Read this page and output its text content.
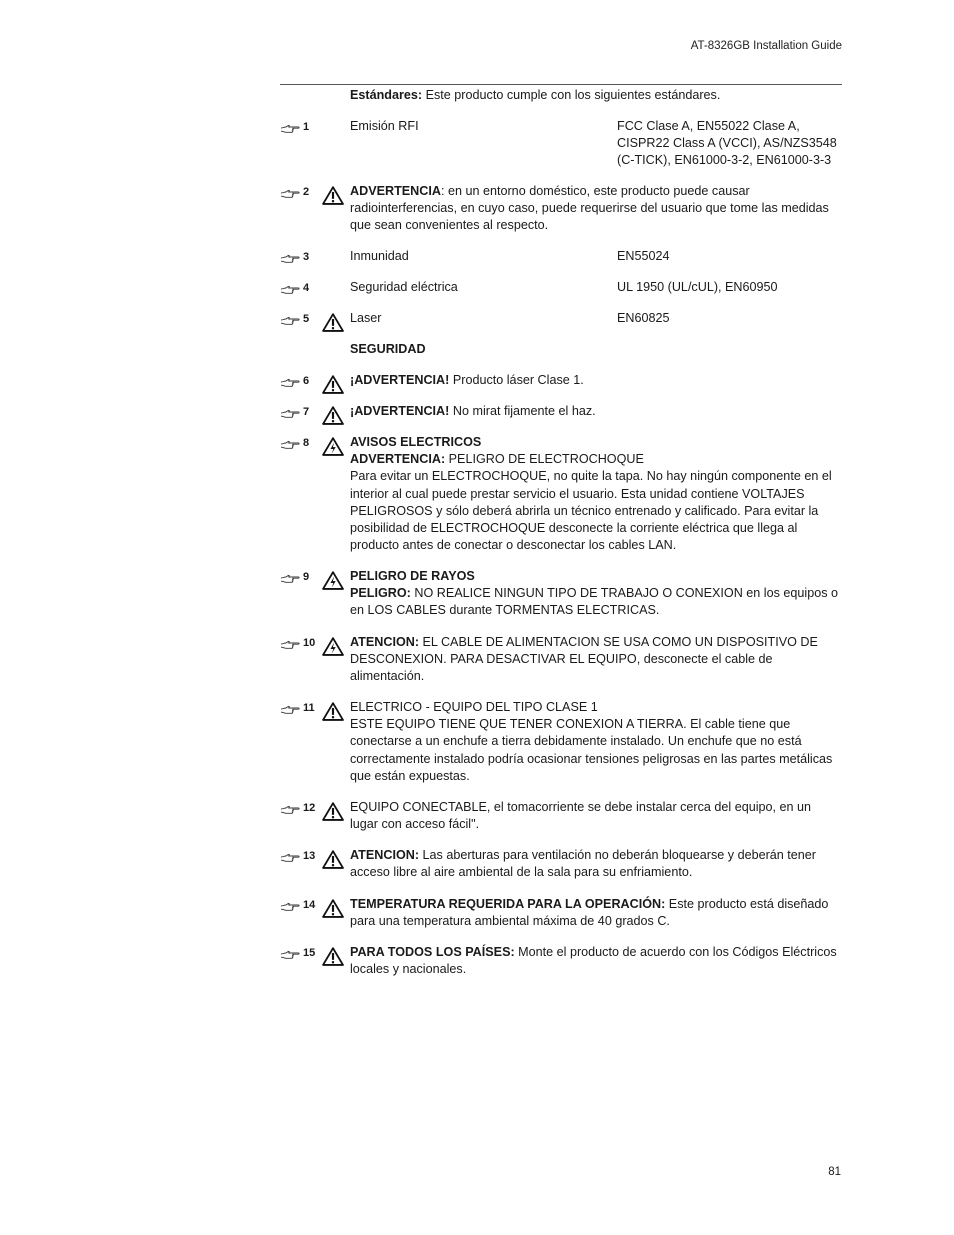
AT-8326GB Installation Guide
Estándares: Este producto cumple con los siguientes estándares.
1	Emisión RFI	FCC Clase A, EN55022 Clase A, CISPR22 Class A (VCCI), AS/NZS3548 (C-TICK), EN61000-3-2, EN61000-3-3
2	ADVERTENCIA: en un entorno doméstico, este producto puede causar radiointerferencias, en cuyo caso, puede requerirse del usuario que tome las medidas que sean convenientes al respecto.
3	Inmunidad	EN55024
4	Seguridad eléctrica	UL 1950 (UL/cUL), EN60950
5	Laser	EN60825
SEGURIDAD
6	¡ADVERTENCIA! Producto láser Clase 1.
7	¡ADVERTENCIA! No mirat fijamente el haz.
8	AVISOS ELECTRICOS
ADVERTENCIA: PELIGRO DE ELECTROCHOQUE
Para evitar un ELECTROCHOQUE, no quite la tapa. No hay ningún componente en el interior al cual puede prestar servicio el usuario. Esta unidad contiene VOLTAJES PELIGROSOS y sólo deberá abrirla un técnico entrenado y calificado. Para evitar la posibilidad de ELECTROCHOQUE desconecte la corriente eléctrica que llega al producto antes de conectar o desconectar los cables LAN.
9	PELIGRO DE RAYOS
PELIGRO: NO REALICE NINGUN TIPO DE TRABAJO O CONEXION en los equipos o en LOS CABLES durante TORMENTAS ELECTRICAS.
10	ATENCION: EL CABLE DE ALIMENTACION SE USA COMO UN DISPOSITIVO DE DESCONEXION. PARA DESACTIVAR EL EQUIPO, desconecte el cable de alimentación.
11	ELECTRICO - EQUIPO DEL TIPO CLASE 1
ESTE EQUIPO TIENE QUE TENER CONEXION A TIERRA. El cable tiene que conectarse a un enchufe a tierra debidamente instalado. Un enchufe que no está correctamente instalado podría ocasionar tensiones peligrosas en las partes metálicas que están expuestas.
12	EQUIPO CONECTABLE, el tomacorriente se debe instalar cerca del equipo, en un lugar con acceso fácil".
13	ATENCION: Las aberturas para ventilación no deberán bloquearse y deberán tener acceso libre al aire ambiental de la sala para su enfriamiento.
14	TEMPERATURA REQUERIDA PARA LA OPERACIÓN: Este producto está diseñado para una temperatura ambiental máxima de 40 grados C.
15	PARA TODOS LOS PAÍSES: Monte el producto de acuerdo con los Códigos Eléctricos locales y nacionales.
81
